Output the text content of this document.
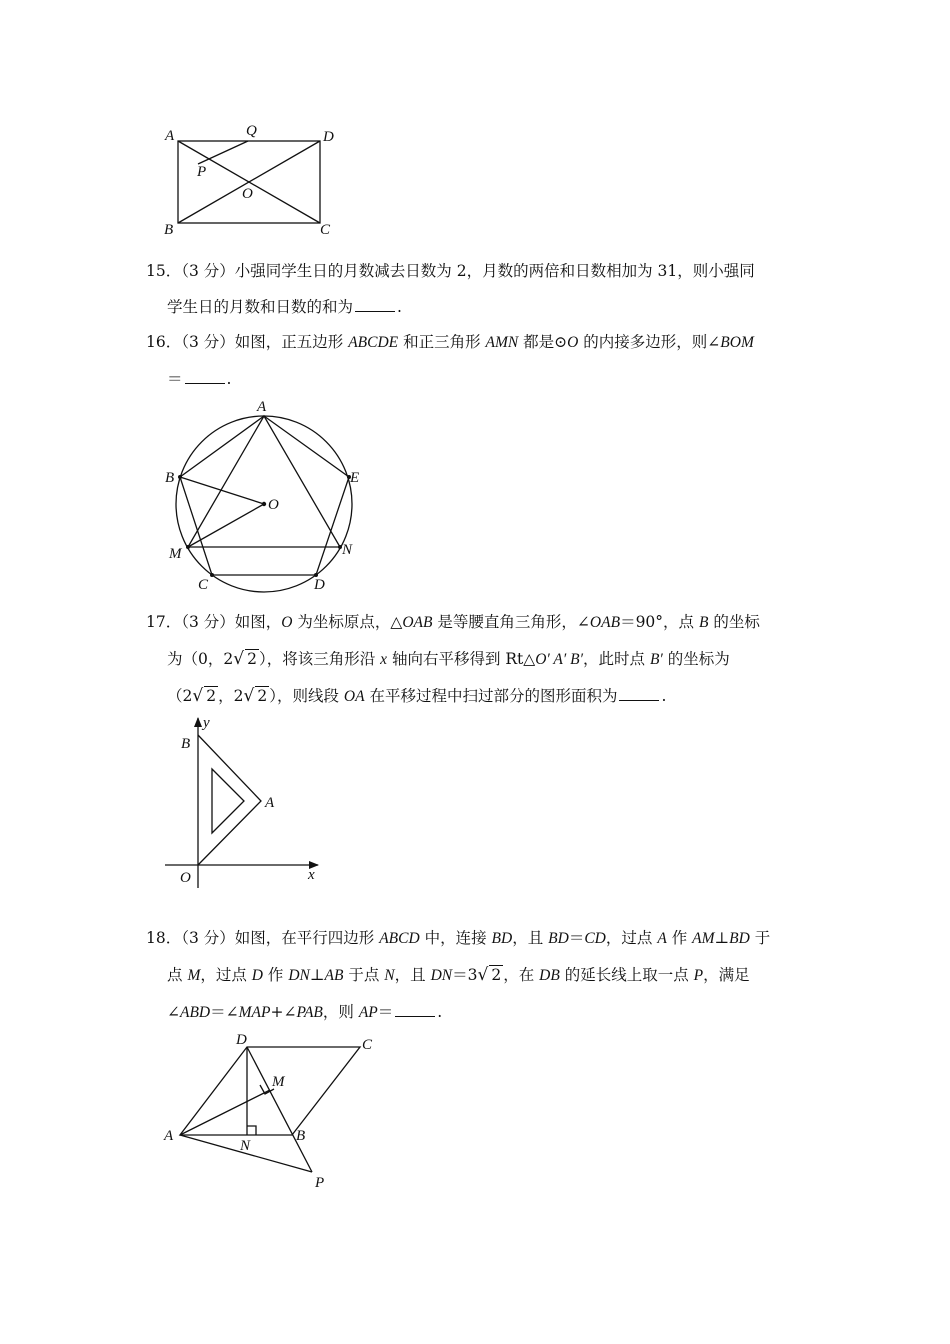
A	Q	D
P
O
B	C
15．（3 分）小强同学生日的月数减去日数为 2，月数的两倍和日数相加为 31，则小强同
学生日的月数和日数的和为	.
16．（3 分）如图，正五边形 ABCDE 和正三角形 AMN 都是⊙O 的内接多边形，则∠BOM
＝	.
A
B	E
O
M	N
C	D
17．（3 分）如图，O 为坐标原点，△OAB 是等腰直角三角形，∠OAB＝90°，点 B 的坐标
为（0，2√ 2 ），将该三角形沿 x 轴向右平移得到 Rt△O′ A′ B′，此时点 B′ 的坐标为
（2√ 2 ，2√ 2 ），则线段 OA 在平移过程中扫过部分的图形面积为	.
y
B
A
O	x
18．（3 分）如图，在平行四边形 ABCD 中，连接 BD，且 BD＝CD，过点 A 作 AM⊥BD 于
点 M，过点 D 作 DN⊥AB 于点 N，且 DN＝3√ 2 ，在 DB 的延长线上取一点 P，满足
∠ABD＝∠MAP+∠PAB，则 AP＝	.
D	C
M
A
N
B
P
